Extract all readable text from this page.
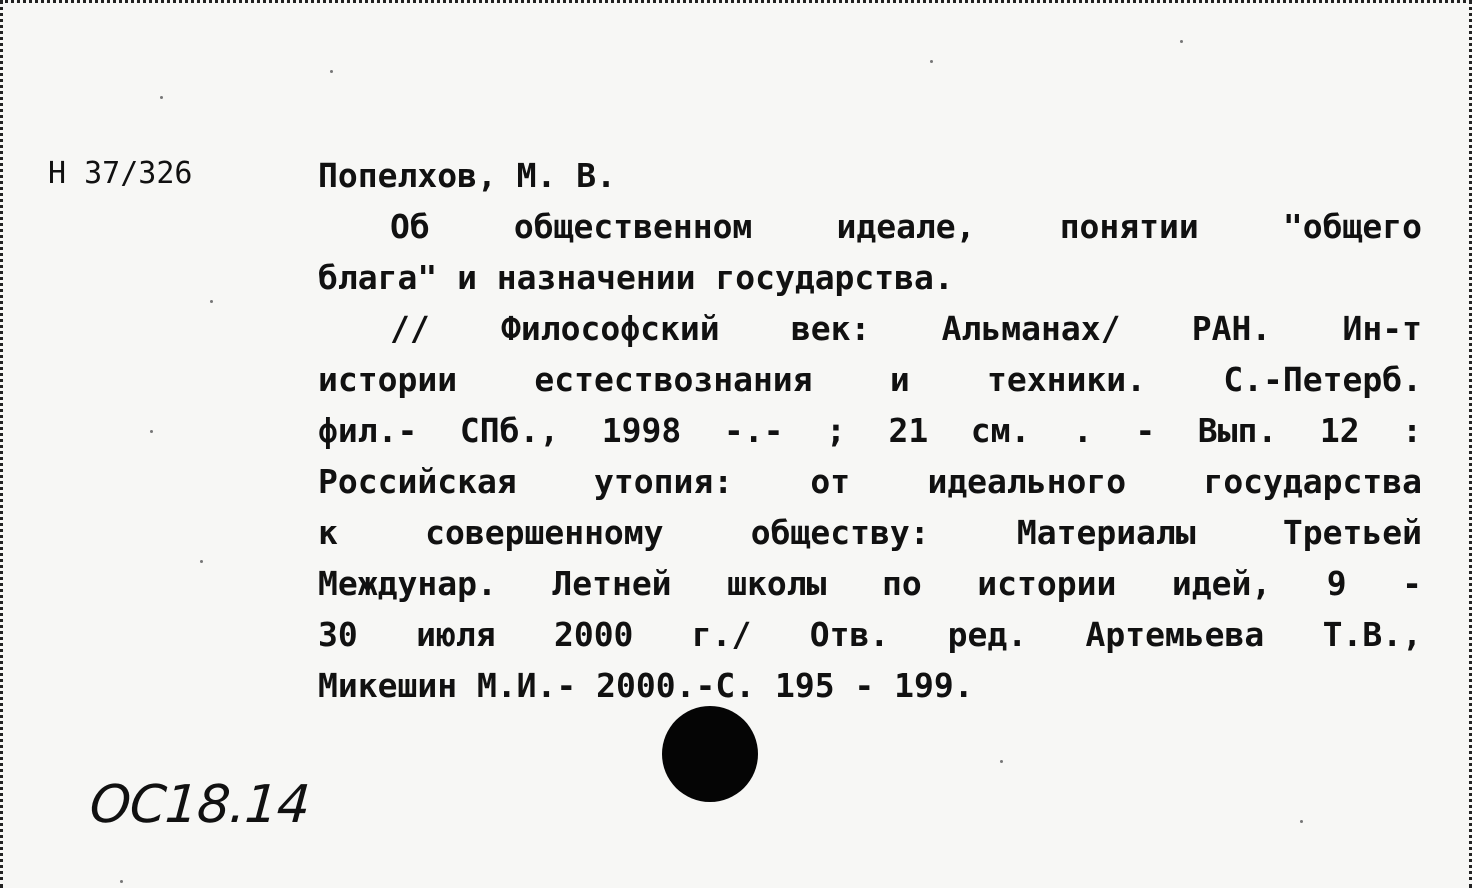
Н 37/326	Попелхов, М. В.
Об общественном идеале, понятии "общего
блага" и назначении государства.
// Философский век: Альманах/ РАН. Ин-т
истории естествознания и техники. С.-Петерб.
фил.- СПб., 1998 -.- ; 21 см. . - Вып. 12 :
Российская утопия: от идеального государства
к совершенному обществу: Материалы Третьей
Междунар. Летней школы по истории идей, 9 -
30 июля 2000 г./ Отв. ред. Артемьева Т.В.,
Микешин М.И.- 2000.-С. 195 - 199.
ОС18.14
